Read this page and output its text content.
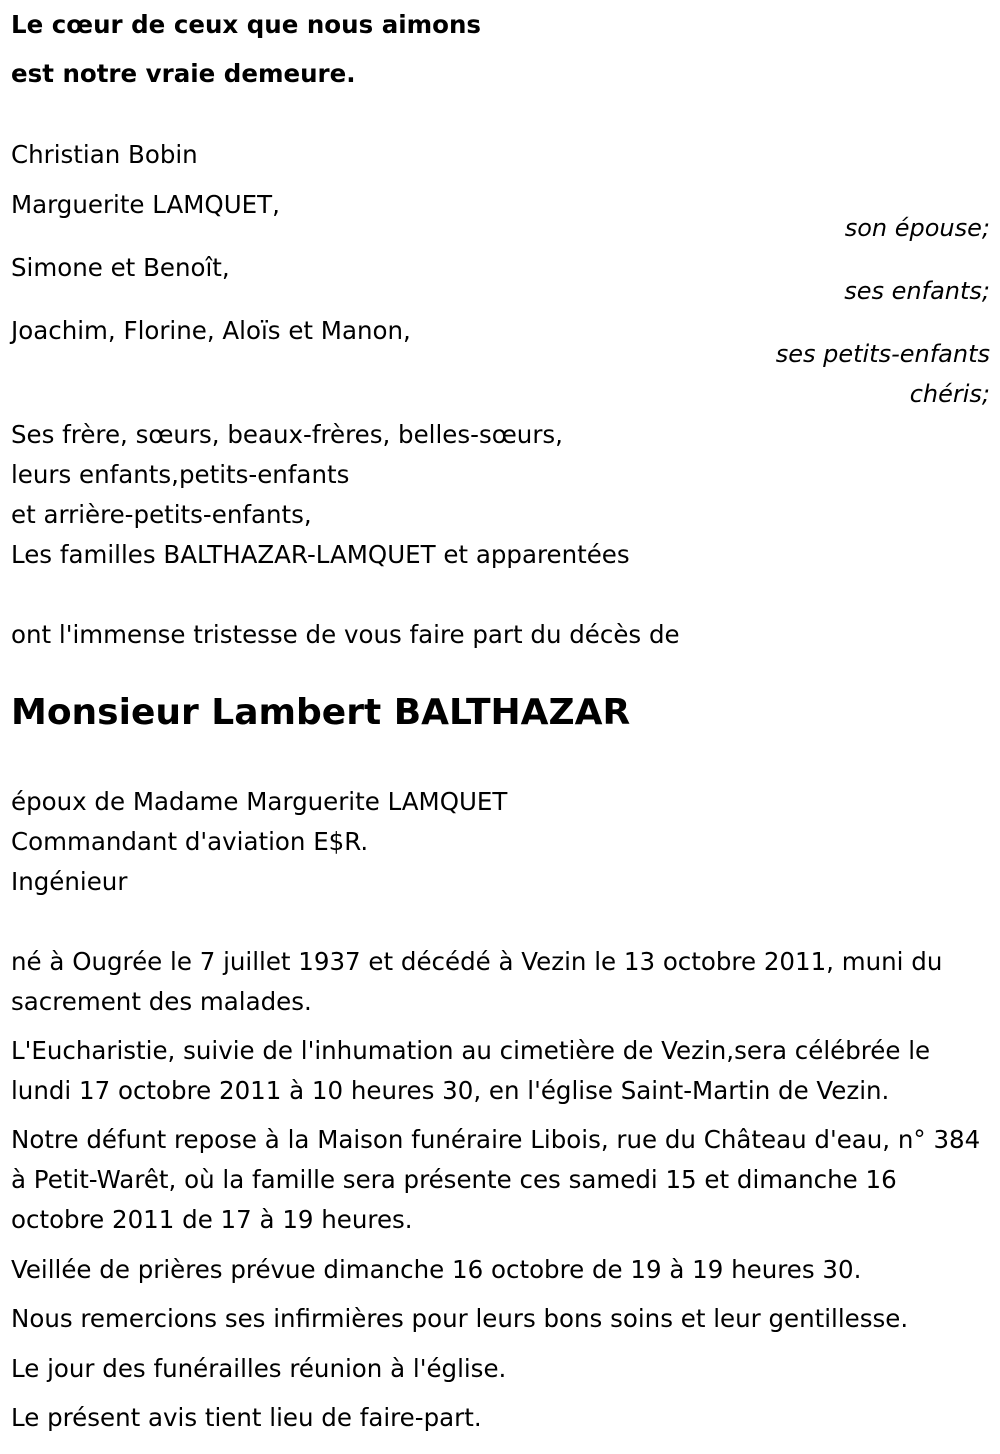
Le cœur de ceux que nous aimons
est notre vraie demeure.
Christian Bobin
Marguerite LAMQUET,
son épouse;
Simone et Benoît,
ses enfants;
Joachim, Florine, Aloïs et Manon,
ses petits-enfants
chéris;
Ses frère, sœurs, beaux-frères, belles-sœurs,
leurs enfants,petits-enfants
et arrière-petits-enfants,
Les familles BALTHAZAR-LAMQUET et apparentées
ont l'immense tristesse de vous faire part du décès de
Monsieur Lambert BALTHAZAR
époux de Madame Marguerite LAMQUET
Commandant d'aviation E$R.
Ingénieur
né à Ougrée le 7 juillet 1937 et décédé à Vezin le 13 octobre 2011, muni du sacrement des malades.
L'Eucharistie, suivie de l'inhumation au cimetière de Vezin,sera célébrée le lundi 17 octobre 2011 à 10 heures 30, en l'église Saint-Martin de Vezin.
Notre défunt repose à la Maison funéraire Libois, rue du Château d'eau, n° 384 à Petit-Warêt, où la famille sera présente ces samedi 15 et dimanche 16 octobre 2011 de 17 à 19 heures.
Veillée de prières prévue dimanche 16 octobre de 19 à 19 heures 30.
Nous remercions ses infirmières pour leurs bons soins et leur gentillesse.
Le jour des funérailles réunion à l'église.
Le présent avis tient lieu de faire-part.
